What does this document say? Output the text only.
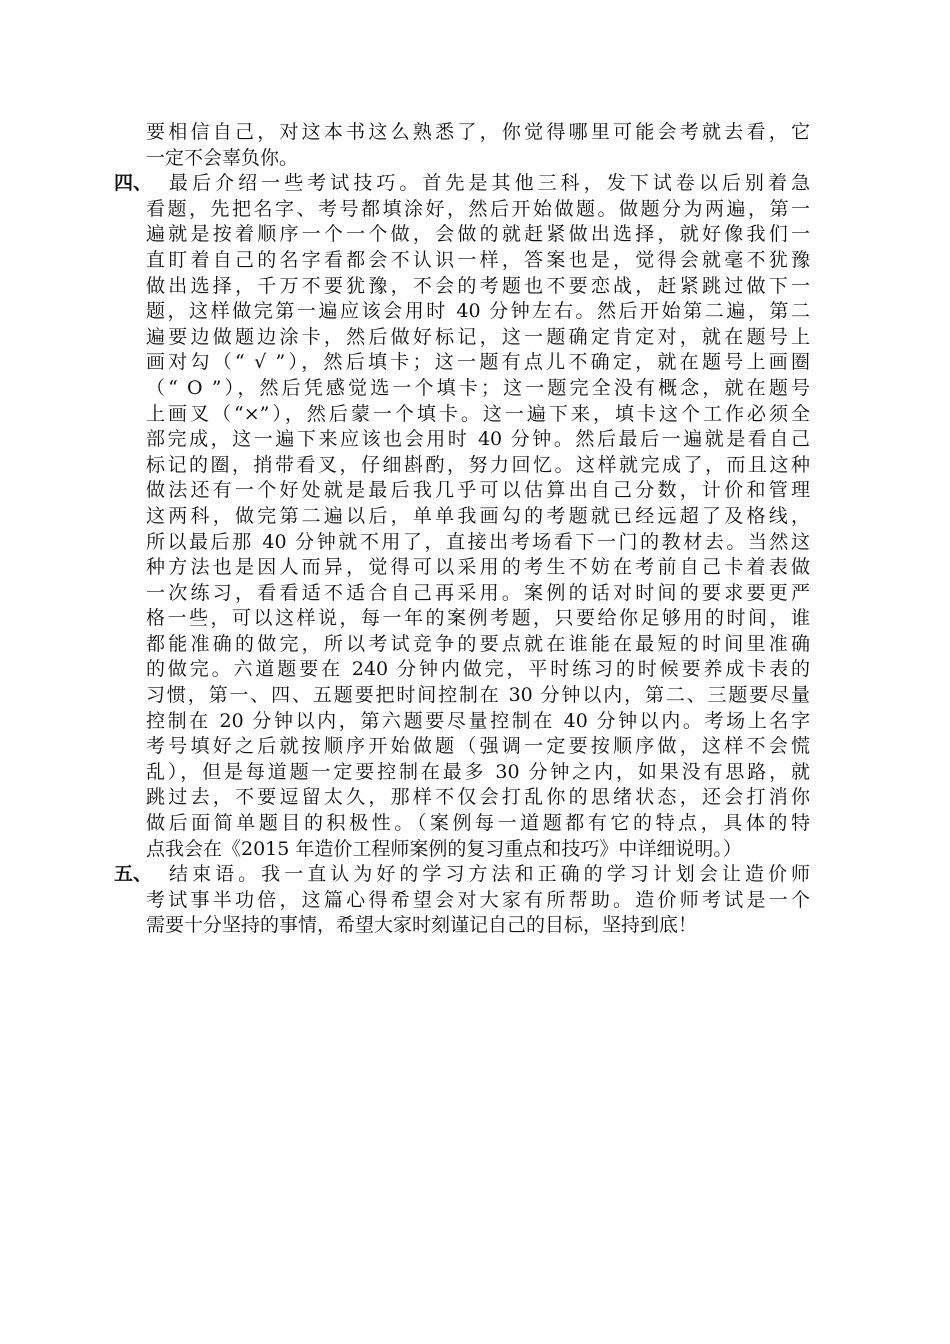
要相信自己，对这本书这么熟悉了，你觉得哪里可能会考就去看，它
一定不会辜负你。
四、
　最后介绍一些考试技巧。首先是其他三科，发下试卷以后别着急
看题，先把名字、考号都填涂好，然后开始做题。做题分为两遍，第一
遍就是按着顺序一个一个做，会做的就赶紧做出选择，就好像我们一
直盯着自己的名字看都会不认识一样，答案也是，觉得会就毫不犹豫
做出选择，千万不要犹豫，不会的考题也不要恋战，赶紧跳过做下一
题，这样做完第一遍应该会用时 40 分钟左右。然后开始第二遍，第二
遍要边做题边涂卡，然后做好标记，这一题确定肯定对，就在题号上
画对勾（“ √ ”），然后填卡；这一题有点儿不确定，就在题号上画圈
（“ O ”），然后凭感觉选一个填卡；这一题完全没有概念，就在题号
上画叉（“×”），然后蒙一个填卡。这一遍下来，填卡这个工作必须全
部完成，这一遍下来应该也会用时 40 分钟。然后最后一遍就是看自己
标记的圈，捎带看叉，仔细斟酌，努力回忆。这样就完成了，而且这种
做法还有一个好处就是最后我几乎可以估算出自己分数，计价和管理
这两科，做完第二遍以后，单单我画勾的考题就已经远超了及格线，
所以最后那 40 分钟就不用了，直接出考场看下一门的教材去。当然这
种方法也是因人而异，觉得可以采用的考生不妨在考前自己卡着表做
一次练习，看看适不适合自己再采用。案例的话对时间的要求要更严
格一些，可以这样说，每一年的案例考题，只要给你足够用的时间，谁
都能准确的做完，所以考试竞争的要点就在谁能在最短的时间里准确
的做完。六道题要在 240 分钟内做完，平时练习的时候要养成卡表的
习惯，第一、四、五题要把时间控制在 30 分钟以内，第二、三题要尽量
控制在 20 分钟以内，第六题要尽量控制在 40 分钟以内。考场上名字
考号填好之后就按顺序开始做题（强调一定要按顺序做，这样不会慌
乱），但是每道题一定要控制在最多 30 分钟之内，如果没有思路，就
跳过去，不要逗留太久，那样不仅会打乱你的思绪状态，还会打消你
做后面简单题目的积极性。（案例每一道题都有它的特点，具体的特
点我会在《2015 年造价工程师案例的复习重点和技巧》中详细说明。）
五、
　结束语。我一直认为好的学习方法和正确的学习计划会让造价师
考试事半功倍，这篇心得希望会对大家有所帮助。造价师考试是一个
需要十分坚持的事情，希望大家时刻谨记自己的目标，坚持到底！
